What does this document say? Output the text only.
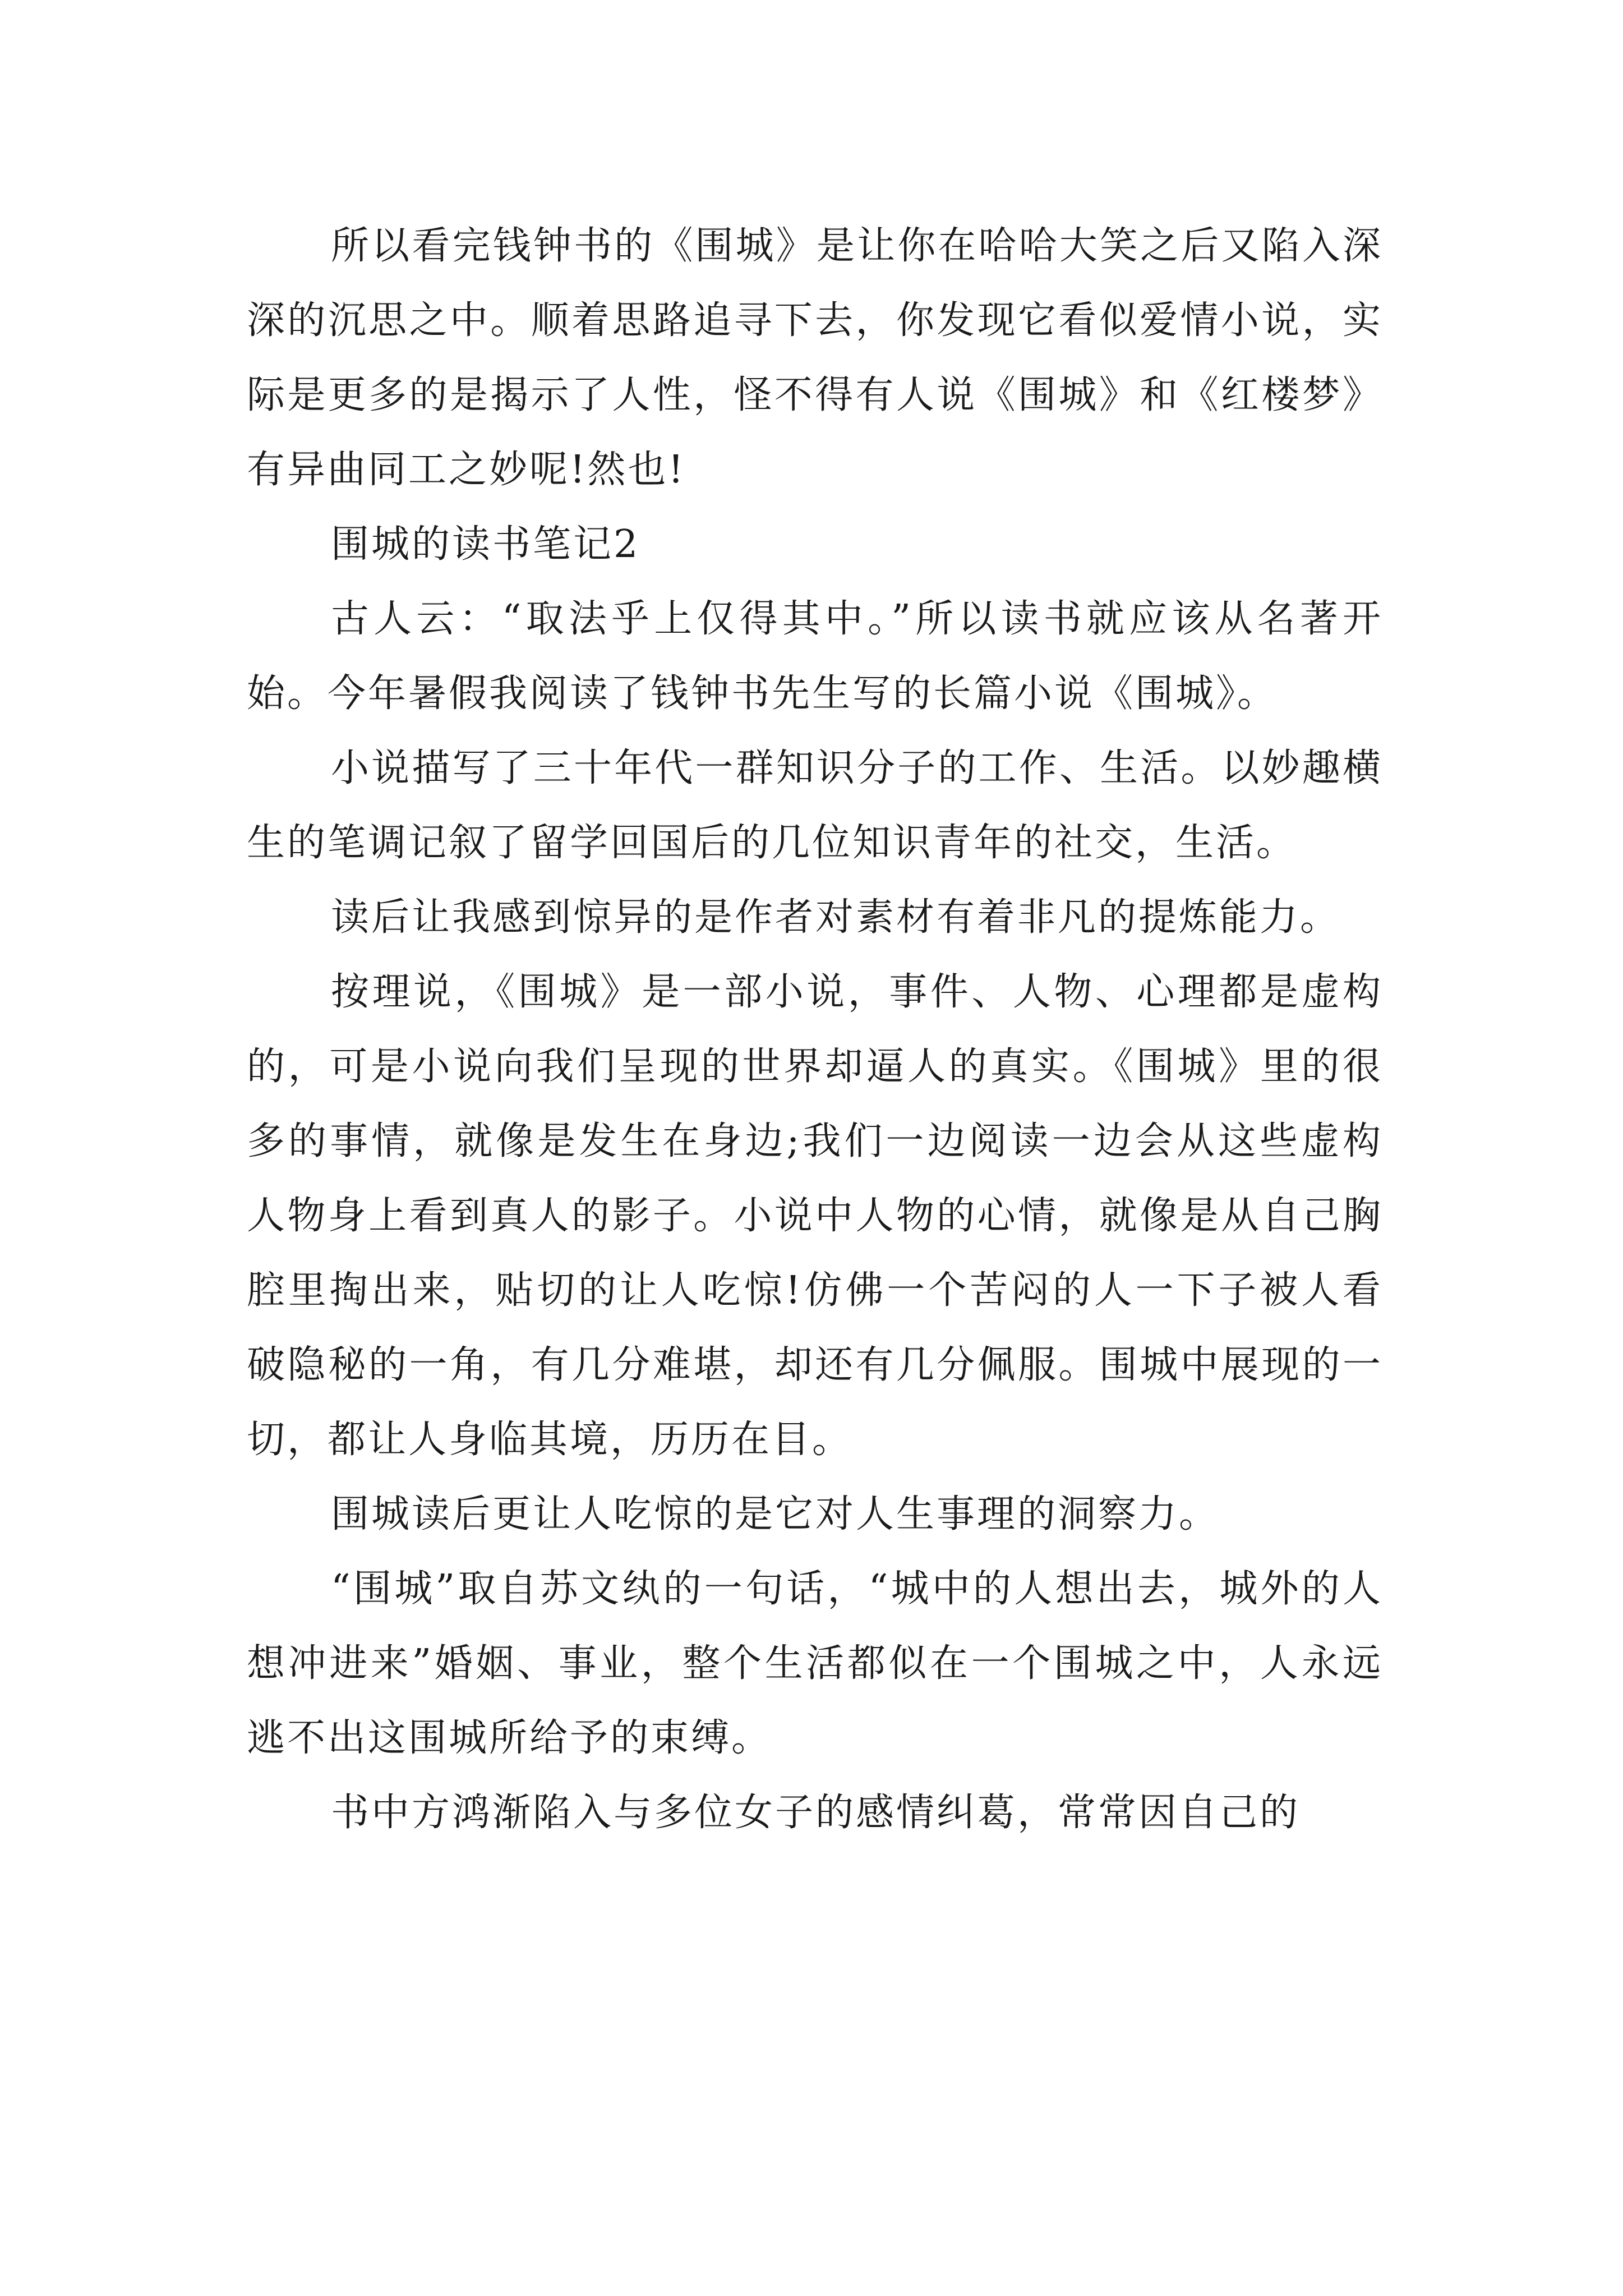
所以看完钱钟书的《围城》是让你在哈哈大笑之后又陷入深深的沉思之中。顺着思路追寻下去，你发现它看似爱情小说，实际是更多的是揭示了人性，怪不得有人说《围城》和《红楼梦》有异曲同工之妙呢!然也!

围城的读书笔记2

古人云：“取法乎上仅得其中。”所以读书就应该从名著开始。今年暑假我阅读了钱钟书先生写的长篇小说《围城》。

小说描写了三十年代一群知识分子的工作、生活。以妙趣横生的笔调记叙了留学回国后的几位知识青年的社交，生活。

读后让我感到惊异的是作者对素材有着非凡的提炼能力。

按理说，《围城》是一部小说，事件、人物、心理都是虚构的，可是小说向我们呈现的世界却逼人的真实。《围城》里的很多的事情，就像是发生在身边;我们一边阅读一边会从这些虚构人物身上看到真人的影子。小说中人物的心情，就像是从自己胸腔里掏出来，贴切的让人吃惊!仿佛一个苦闷的人一下子被人看破隐秘的一角，有几分难堪，却还有几分佩服。围城中展现的一切，都让人身临其境，历历在目。

围城读后更让人吃惊的是它对人生事理的洞察力。

“围城”取自苏文纨的一句话，“城中的人想出去，城外的人想冲进来”婚姻、事业，整个生活都似在一个围城之中，人永远逃不出这围城所给予的束缚。

书中方鸿渐陷入与多位女子的感情纠葛，常常因自己的
